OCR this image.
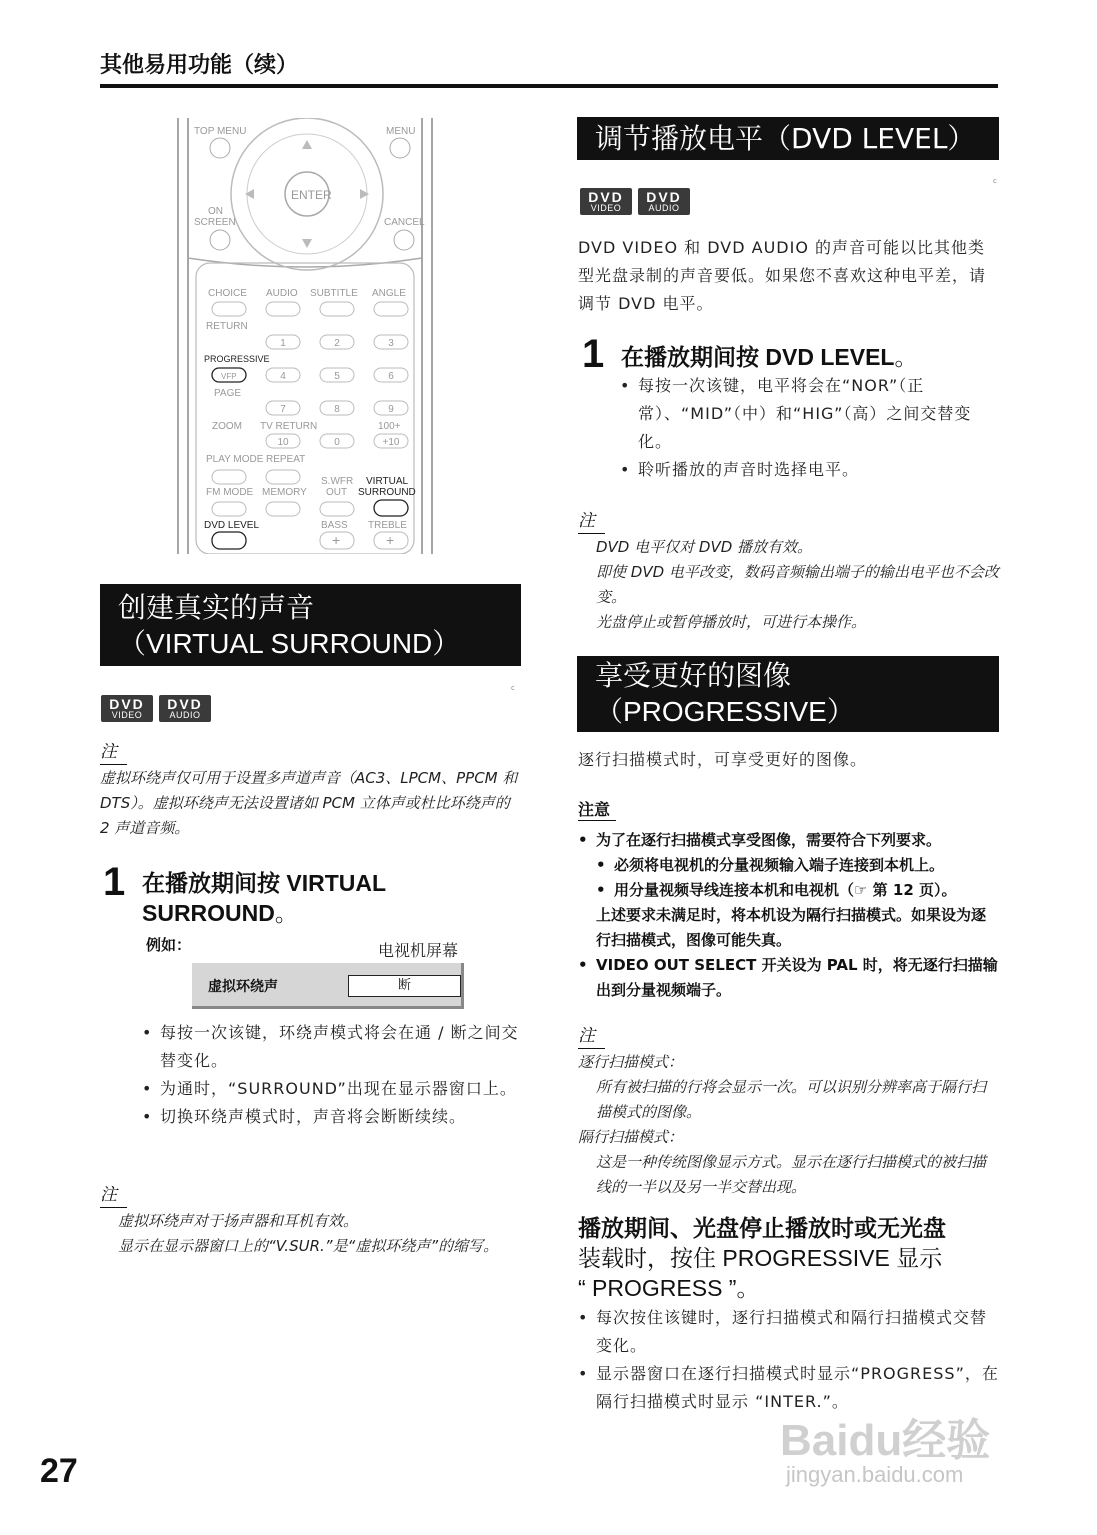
其他易用功能（续）
ENTER
TOP MENU	MENU
ON
SCREEN	CANCEL
CHOICE AUDIO SUBTITLE ANGLE
RETURN
1	2	3
4	5	6
7	8	9
10	0	+10
PROGRESSIVE
VFP
PAGE
ZOOM TV RETURN	100+
PLAY MODE REPEAT
FM MODE MEMORY
S.WFR
OUT
VIRTUAL
SURROUND
DVD LEVEL	BASS TREBLE
+	+
创建真实的声音
（VIRTUAL SURROUND）
c
DVD
VIDEO
DVD
AUDIO
注
虚拟环绕声仅可用于设置多声道声音（AC3、LPCM、PPCM 和 DTS）。虚拟环绕声无法设置诸如 PCM 立体声或杜比环绕声的 2 声道音频。
1 在播放期间按 VIRTUAL
SURROUND。
例如：	电视机屏幕
虚拟环绕声	断
• 每按一次该键，环绕声模式将会在通 / 断之间交替变化。
• 为通时，“SURROUND”出现在显示器窗口上。
• 切换环绕声模式时，声音将会断断续续。
注
虚拟环绕声对于扬声器和耳机有效。
显示在显示器窗口上的“V.SUR.”是“虚拟环绕声”的缩写。
调节播放电平（DVD LEVEL）
c
DVD
VIDEO
DVD
AUDIO
DVD VIDEO 和 DVD AUDIO 的声音可能以比其他类型光盘录制的声音要低。如果您不喜欢这种电平差，请调节 DVD 电平。
1 在播放期间按 DVD LEVEL。
• 每按一次该键，电平将会在“NOR”（正常）、“MID”（中）和“HIG”（高）之间交替变化。
• 聆听播放的声音时选择电平。
注
DVD 电平仅对 DVD 播放有效。
即使 DVD 电平改变，数码音频输出端子的输出电平也不会改变。
光盘停止或暂停播放时，可进行本操作。
享受更好的图像
（PROGRESSIVE）
逐行扫描模式时，可享受更好的图像。
注意
• 为了在逐行扫描模式享受图像，需要符合下列要求。
• 必须将电视机的分量视频输入端子连接到本机上。
• 用分量视频导线连接本机和电视机（☞ 第 12 页）。
上述要求未满足时，将本机设为隔行扫描模式。如果设为逐行扫描模式，图像可能失真。
• VIDEO OUT SELECT 开关设为 PAL 时，将无逐行扫描输出到分量视频端子。
注
逐行扫描模式：
所有被扫描的行将会显示一次。可以识别分辨率高于隔行扫描模式的图像。
隔行扫描模式：
这是一种传统图像显示方式。显示在逐行扫描模式的被扫描线的一半以及另一半交替出现。
播放期间、光盘停止播放时或无光盘
装载时，按住 PROGRESSIVE 显示
“ PROGRESS ”。
• 每次按住该键时，逐行扫描模式和隔行扫描模式交替变化。
• 显示器窗口在逐行扫描模式时显示“PROGRESS”，在隔行扫描模式时显示 “INTER.”。
Baidu经验
jingyan.baidu.com
27
